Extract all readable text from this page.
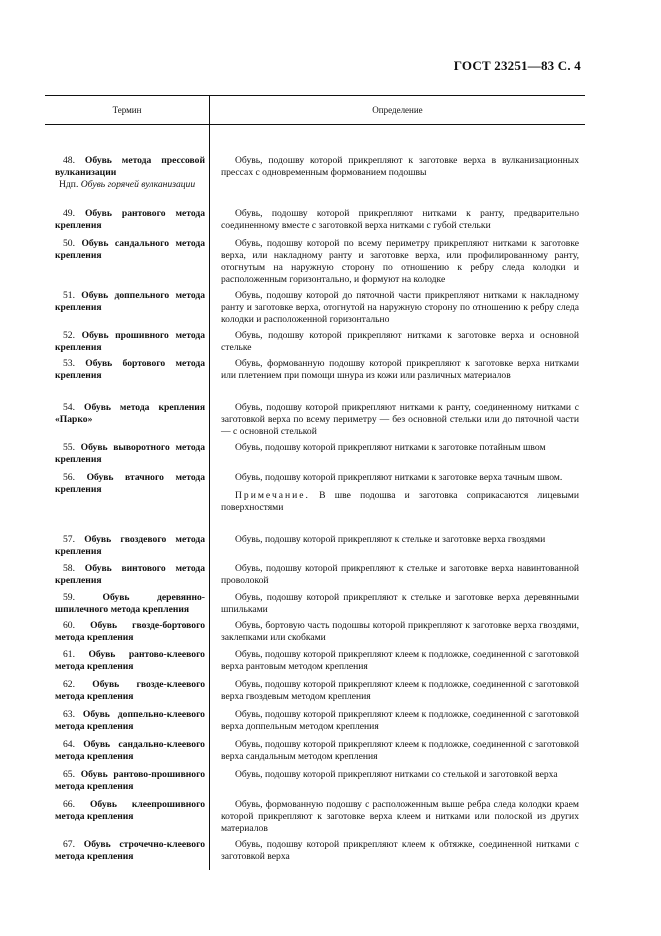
ГОСТ 23251—83 С. 4
Термин	Определение
48. Обувь метода прессовой вулканизации
Ндп. Обувь горячей вулканизации
Обувь, подошву которой прикрепляют к заготовке верха в вулканизационных прессах с одновременным формованием подошвы
49. Обувь рантового метода крепления
Обувь, подошву которой прикрепляют нитками к ранту, предварительно соединенному вместе с заготовкой верха нитками с губой стельки
50. Обувь сандального метода крепления
Обувь, подошву которой по всему периметру прикрепляют нитками к заготовке верха, или накладному ранту и заготовке верха, или профилированному ранту, отогнутым на наружную сторону по отношению к ребру следа колодки и расположенным горизонтально, и формуют на колодке
51. Обувь доппельного метода крепления
Обувь, подошву которой до пяточной части прикрепляют нитками к накладному ранту и заготовке верха, отогнутой на наружную сторону по отношению к ребру следа колодки и расположенной горизонтально
52. Обувь прошивного метода крепления
Обувь, подошву которой прикрепляют нитками к заготовке верха и основной стельке
53. Обувь бортового метода крепления
Обувь, формованную подошву которой прикрепляют к заготовке верха нитками или плетением при помощи шнура из кожи или различных материалов
54. Обувь метода крепления «Парко»
Обувь, подошву которой прикрепляют нитками к ранту, соединенному нитками с заготовкой верха по всему периметру — без основной стельки или до пяточной части — с основной стелькой
55. Обувь выворотного метода крепления
Обувь, подошву которой прикрепляют нитками к заготовке потайным швом
56. Обувь втачного метода крепления
Обувь, подошву которой прикрепляют нитками к заготовке верха тачным швом.
Примечание. В шве подошва и заготовка соприкасаются лицевыми поверхностями
57. Обувь гвоздевого метода крепления
Обувь, подошву которой прикрепляют к стельке и заготовке верха гвоздями
58. Обувь винтового метода крепления
Обувь, подошву которой прикрепляют к стельке и заготовке верха навинтованной проволокой
59.	Обувь деревянно-шпилечного метода крепления
Обувь, подошву которой прикрепляют к стельке и заготовке верха деревянными шпильками
60. Обувь гвоздe-бортового метода крепления
Обувь, бортовую часть подошвы которой прикрепляют к заготовке верха гвоздями, заклепками или скобками
61. Обувь рантово-клеевого метода крепления
Обувь, подошву которой прикрепляют клеем к подложке, соединенной с заготовкой верха рантовым методом крепления
62. Обувь гвоздe-клеевого метода крепления
Обувь, подошву которой прикрепляют клеем к подложке, соединенной с заготовкой верха гвоздевым методом крепления
63. Обувь доппельно-клеевого метода крепления
Обувь, подошву которой прикрепляют клеем к подложке, соединенной с заготовкой верха доппельным методом крепления
64. Обувь сандально-клеевого метода крепления
Обувь, подошву которой прикрепляют клеем к подложке, соединенной с заготовкой верха сандальным методом крепления
65. Обувь рантово-прошивного метода крепления
Обувь, подошву которой прикрепляют нитками со стелькой и заготовкой верха
66. Обувь клеепрошивного метода крепления
Обувь, формованную подошву с расположенным выше ребра следа колодки краем которой прикрепляют к заготовке верха клеем и нитками или полоской из других материалов
67. Обувь строчечно-клеевого метода крепления
Обувь, подошву которой прикрепляют клеем к обтяжке, соединенной нитками с заготовкой верха
